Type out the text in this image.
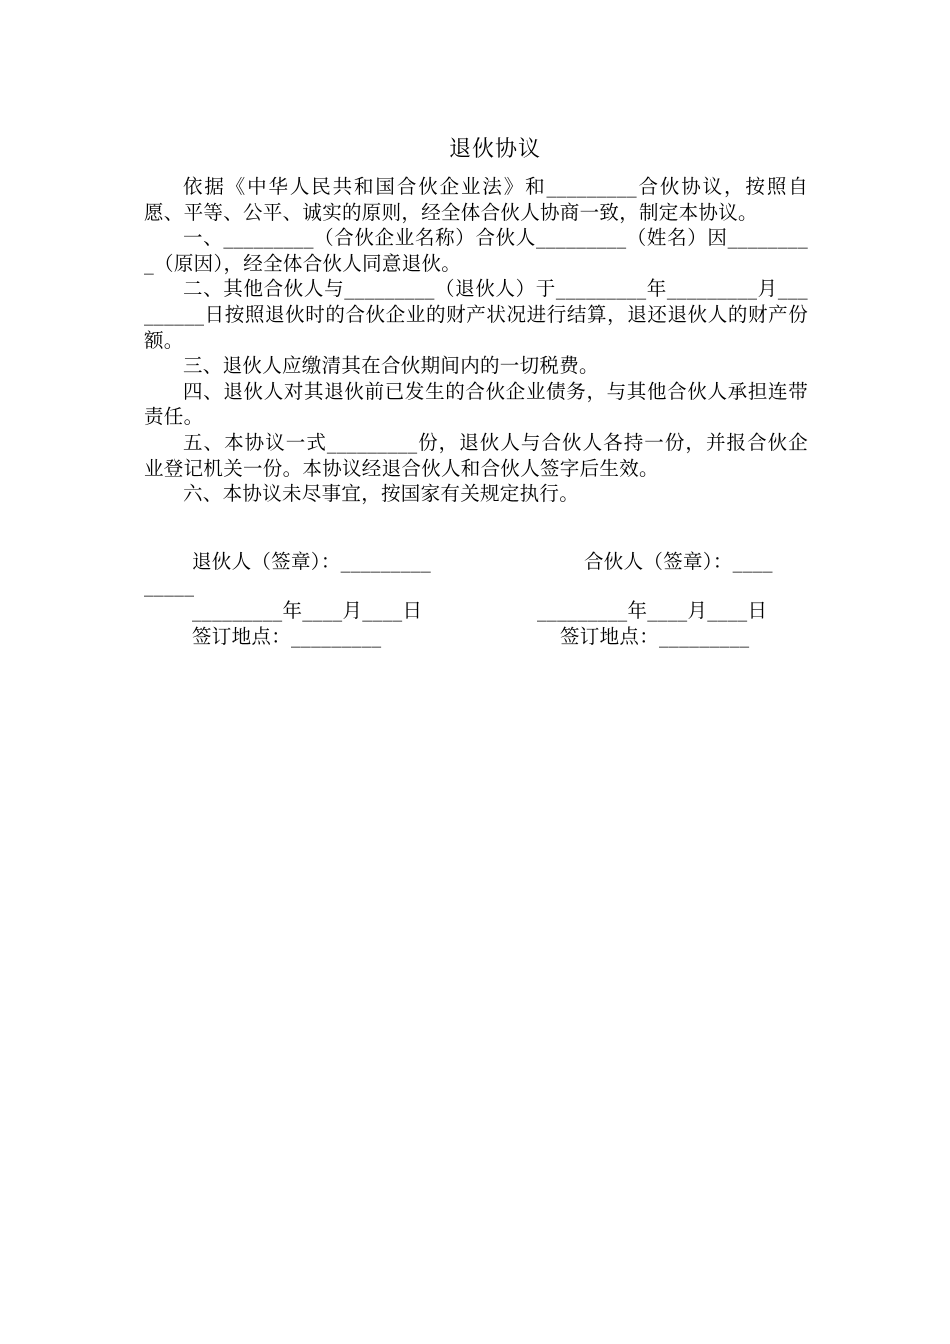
退伙协议

依据《中华人民共和国合伙企业法》和_________合伙协议，按照自愿、平等、公平、诚实的原则，经全体合伙人协商一致，制定本协议。

一、_________（合伙企业名称）合伙人_________（姓名）因_________（原因），经全体合伙人同意退伙。

二、其他合伙人与_________（退伙人）于_________年_________月_________日按照退伙时的合伙企业的财产状况进行结算，退还退伙人的财产份额。

三、退伙人应缴清其在合伙期间内的一切税费。

四、退伙人对其退伙前已发生的合伙企业债务，与其他合伙人承担连带责任。

五、本协议一式_________份，退伙人与合伙人各持一份，并报合伙企业登记机关一份。本协议经退合伙人和合伙人签字后生效。

六、本协议未尽事宜，按国家有关规定执行。

退伙人（签章）：_________	合伙人（签章）：____
_____
_________年____月____日	_________年____月____日
签订地点：_________	签订地点：_________
